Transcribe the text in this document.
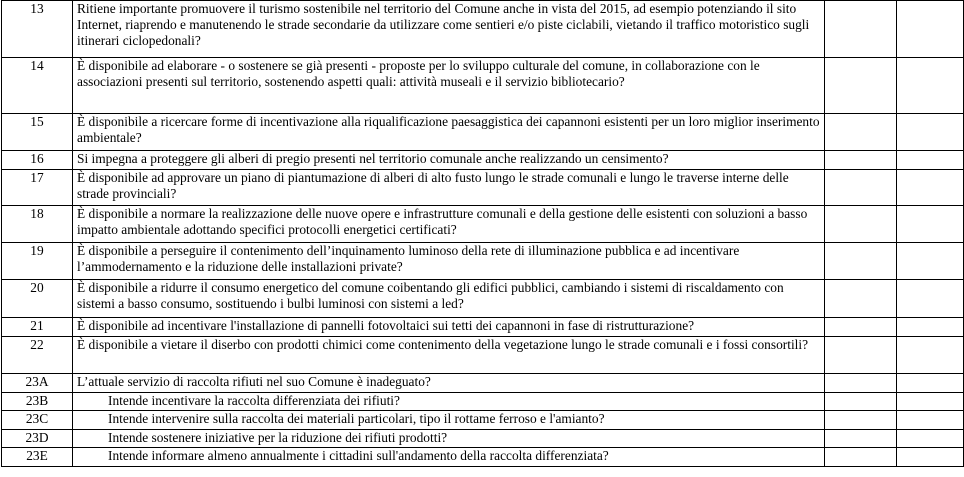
13	Ritiene importante promuovere il turismo sostenibile nel territorio del Comune anche in vista del 2015, ad esempio potenziando il sito Internet, riaprendo e manutenendo le strade secondarie da utilizzare come sentieri e/o piste ciclabili, vietando il traffico motoristico sugli itinerari ciclopedonali?		
14	È disponibile ad elaborare - o sostenere se già presenti - proposte per lo sviluppo culturale del comune, in collaborazione con le associazioni presenti sul territorio, sostenendo aspetti quali: attività museali e il servizio bibliotecario?		
15	È disponibile a ricercare forme di incentivazione alla riqualificazione paesaggistica dei capannoni esistenti per un loro miglior inserimento ambientale?		
16	Si impegna a proteggere gli alberi di pregio presenti nel territorio comunale anche realizzando un censimento?		
17	È disponibile ad approvare un piano di piantumazione di alberi di alto fusto lungo le strade comunali e lungo le traverse interne delle strade provinciali?		
18	È disponibile a normare la realizzazione delle nuove opere e infrastrutture comunali e della gestione delle esistenti con soluzioni a basso impatto ambientale adottando specifici protocolli energetici certificati?		
19	È disponibile a perseguire il contenimento dell’inquinamento luminoso della rete di illuminazione pubblica e ad incentivare l’ammodernamento e la riduzione delle installazioni private?		
20	È disponibile a ridurre il consumo energetico del comune coibentando gli edifici pubblici, cambiando i sistemi di riscaldamento con sistemi a basso consumo, sostituendo i bulbi luminosi con sistemi a led?		
21	È disponibile ad incentivare l'installazione di pannelli fotovoltaici sui tetti dei capannoni in fase di ristrutturazione?		
22	È disponibile a vietare il diserbo con prodotti chimici come contenimento della vegetazione lungo le strade comunali e i fossi consortili?		
23A	L’attuale servizio di raccolta rifiuti nel suo Comune è inadeguato?		
23B	Intende incentivare la raccolta differenziata dei rifiuti?		
23C	Intende intervenire sulla raccolta dei materiali particolari, tipo il rottame ferroso e l'amianto?		
23D	Intende sostenere iniziative per la riduzione dei rifiuti prodotti?		
23E	Intende informare almeno annualmente i cittadini sull'andamento della raccolta differenziata?		
